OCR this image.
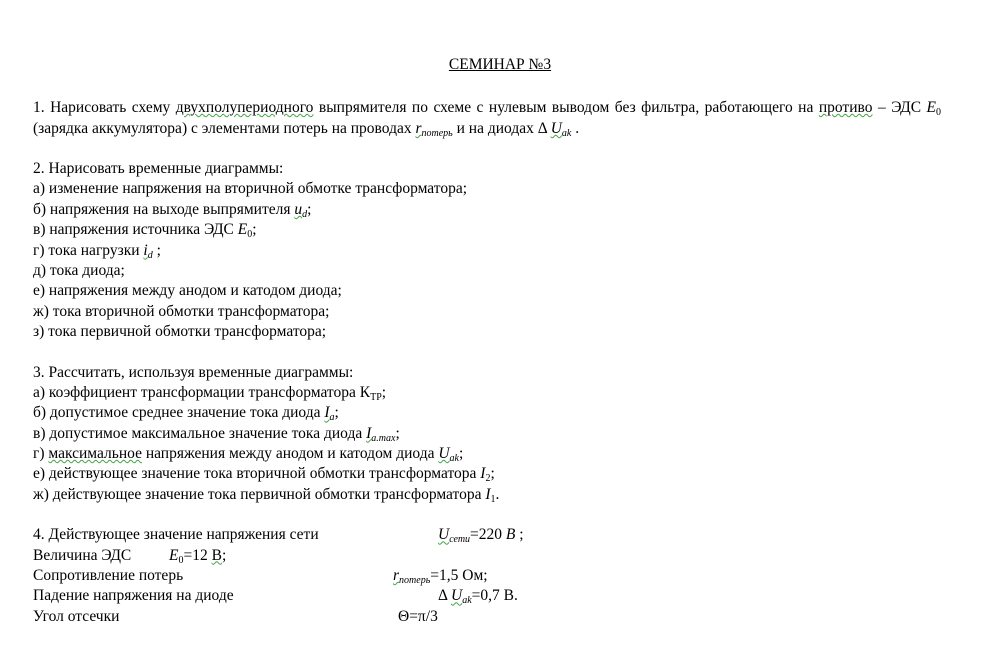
СЕМИНАР №3

1. Нарисовать схему двухполупериодного выпрямителя по схеме с нулевым выводом без фильтра, работающего на противо – ЭДС $E_0$ (зарядка аккумулятора) с элементами потерь на проводах $r_{потерь}$ и на диодах Δ $U_{ak}$ .

2. Нарисовать временные диаграммы:

а) изменение напряжения на вторичной обмотке трансформатора;

б) напряжения на выходе выпрямителя $u_d$;

в) напряжения источника ЭДС $E_0$;

г) тока нагрузки $i_d$ ;

д) тока диода;

е) напряжения между анодом и катодом диода;

ж) тока вторичной обмотки трансформатора;

з) тока первичной обмотки трансформатора;

3. Рассчитать, используя временные диаграммы:

а) коэффициент трансформации трансформатора $К_{ТР}$;

б) допустимое среднее значение тока диода $I_a$;

в) допустимое максимальное значение тока диода $I_{a.max}$;

г) максимальное напряжения между анодом и катодом диода $U_{ak}$;

е) действующее значение тока вторичной обмотки трансформатора $I_2$;

ж) действующее значение тока первичной обмотки трансформатора $I_1$.

4. Действующее значение напряжения сети	$U_{сети}=220$ В ;
Величина ЭДС $E_0=12$ В;
Сопротивление потерь	$r_{потерь}=1,5$ Ом;
Падение напряжения на диоде	Δ $U_{ak}=0,7$ В.
Угол отсечки	Θ=π/3
